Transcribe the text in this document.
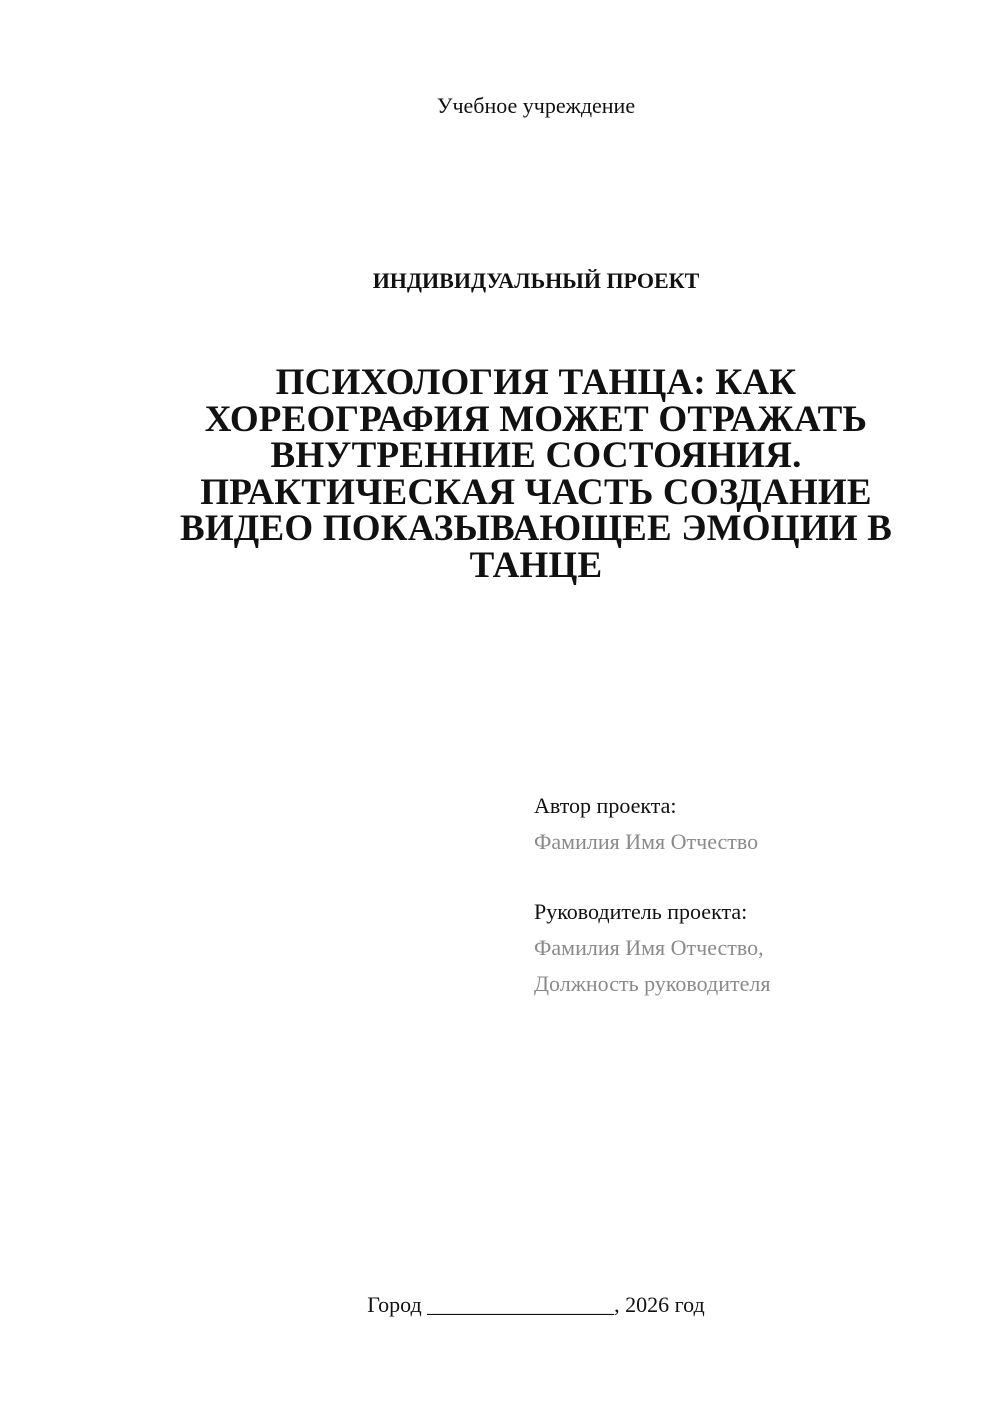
Учебное учреждение
ИНДИВИДУАЛЬНЫЙ ПРОЕКТ
ПСИХОЛОГИЯ ТАНЦА: КАК
ХОРЕОГРАФИЯ МОЖЕТ ОТРАЖАТЬ
ВНУТРЕННИЕ СОСТОЯНИЯ.
ПРАКТИЧЕСКАЯ ЧАСТЬ СОЗДАНИЕ
ВИДЕО ПОКАЗЫВАЮЩЕЕ ЭМОЦИИ В
ТАНЦЕ
Автор проекта:
Фамилия Имя Отчество
Руководитель проекта:
Фамилия Имя Отчество,
Должность руководителя
Город _________________, 2026 год
